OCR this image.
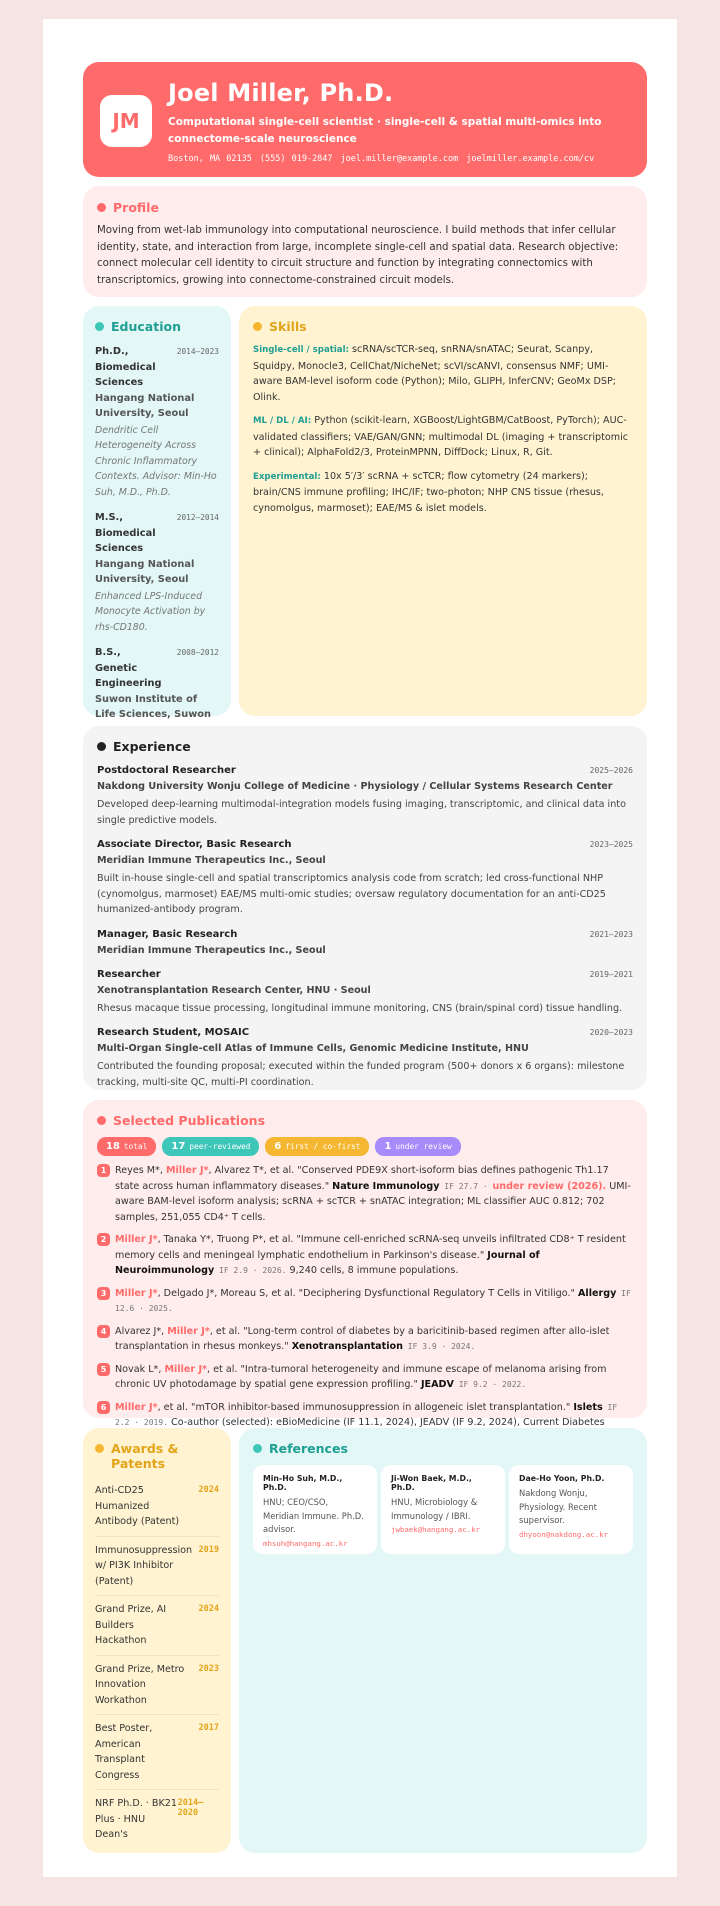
JM
Joel Miller, Ph.D.
Computational single-cell scientist · single-cell & spatial multi-omics into connectome-scale neuroscience
Boston, MA 02135 (555) 019-2847 joel.miller@example.com joelmiller.example.com/cv
Profile

Moving from wet-lab immunology into computational neuroscience. I build methods that infer cellular identity, state, and interaction from large, incomplete single-cell and spatial data. Research objective: connect molecular cell identity to circuit structure and function by integrating connectomics with transcriptomics, growing into connectome-constrained circuit models.

Education
Ph.D., Biomedical Sciences
2014–2023
Hangang National University, Seoul
Dendritic Cell Heterogeneity Across Chronic Inflammatory Contexts. Advisor: Min-Ho Suh, M.D., Ph.D.
M.S., Biomedical Sciences
2012–2014
Hangang National University, Seoul
Enhanced LPS-Induced Monocyte Activation by rhs-CD180.
B.S., Genetic Engineering
2008–2012
Suwon Institute of Life Sciences, Suwon
Skills
Single-cell / spatial: scRNA/scTCR-seq, snRNA/snATAC; Seurat, Scanpy, Squidpy, Monocle3, CellChat/NicheNet; scVI/scANVI, consensus NMF; UMI-aware BAM-level isoform code (Python); Milo, GLIPH, InferCNV; GeoMx DSP; Olink.
ML / DL / AI: Python (scikit-learn, XGBoost/LightGBM/CatBoost, PyTorch); AUC-validated classifiers; VAE/GAN/GNN; multimodal DL (imaging + transcriptomic + clinical); AlphaFold2/3, ProteinMPNN, DiffDock; Linux, R, Git.
Experimental: 10x 5′/3′ scRNA + scTCR; flow cytometry (24 markers); brain/CNS immune profiling; IHC/IF; two-photon; NHP CNS tissue (rhesus, cynomolgus, marmoset); EAE/MS & islet models.
Experience
Postdoctoral Researcher	2025–2026
Nakdong University Wonju College of Medicine · Physiology / Cellular Systems Research Center
Developed deep-learning multimodal-integration models fusing imaging, transcriptomic, and clinical data into single predictive models.
Associate Director, Basic Research	2023–2025
Meridian Immune Therapeutics Inc., Seoul
Built in-house single-cell and spatial transcriptomics analysis code from scratch; led cross-functional NHP (cynomolgus, marmoset) EAE/MS multi-omic studies; oversaw regulatory documentation for an anti-CD25 humanized-antibody program.
Manager, Basic Research	2021–2023
Meridian Immune Therapeutics Inc., Seoul
Researcher	2019–2021
Xenotransplantation Research Center, HNU · Seoul
Rhesus macaque tissue processing, longitudinal immune monitoring, CNS (brain/spinal cord) tissue handling.
Research Student, MOSAIC	2020–2023
Multi-Organ Single-cell Atlas of Immune Cells, Genomic Medicine Institute, HNU
Contributed the founding proposal; executed within the funded program (500+ donors x 6 organs): milestone tracking, multi-site QC, multi-PI coordination.
Selected Publications
18 total 17 peer-reviewed 6 first / co-first 1 under review
1 Reyes M*, Miller J*, Alvarez T*, et al. "Conserved PDE9X short-isoform bias defines pathogenic Th1.17 state across human inflammatory diseases." Nature Immunology IF 27.7 · under review (2026). UMI-aware BAM-level isoform analysis; scRNA + scTCR + snATAC integration; ML classifier AUC 0.812; 702 samples, 251,055 CD4⁺ T cells.
2 Miller J*, Tanaka Y*, Truong P*, et al. "Immune cell-enriched scRNA-seq unveils infiltrated CD8⁺ T resident memory cells and meningeal lymphatic endothelium in Parkinson's disease." Journal of Neuroimmunology IF 2.9 · 2026. 9,240 cells, 8 immune populations.
3 Miller J*, Delgado J*, Moreau S, et al. "Deciphering Dysfunctional Regulatory T Cells in Vitiligo." Allergy IF 12.6 · 2025.
4 Alvarez J*, Miller J*, et al. "Long-term control of diabetes by a baricitinib-based regimen after allo-islet transplantation in rhesus monkeys." Xenotransplantation IF 3.9 · 2024.
5 Novak L*, Miller J*, et al. "Intra-tumoral heterogeneity and immune escape of melanoma arising from chronic UV photodamage by spatial gene expression profiling." JEADV IF 9.2 · 2022.
6 Miller J*, et al. "mTOR inhibitor-based immunosuppression in allogeneic islet transplantation." Islets IF 2.2 · 2019. Co-author (selected): eBioMedicine (IF 11.1, 2024), JEADV (IF 9.2, 2024), Current Diabetes
Awards & Patents
Anti-CD25 Humanized Antibody (Patent)
2024
Immunosuppression w/ PI3K Inhibitor (Patent)
2019
Grand Prize, AI Builders Hackathon
2024
Grand Prize, Metro Innovation Workathon
2023
Best Poster, American Transplant Congress
2017
NRF Ph.D. · BK21 Plus · HNU Dean's
2014–2020
References
Min-Ho Suh, M.D., Ph.D.
HNU; CEO/CSO, Meridian Immune. Ph.D. advisor.
mhsuh@hangang.ac.kr
Ji-Won Baek, M.D., Ph.D.
HNU, Microbiology & Immunology / IBRI.
jwbaek@hangang.ac.kr
Dae-Ho Yoon, Ph.D.
Nakdong Wonju, Physiology. Recent supervisor.
dhyoon@nakdong.ac.kr
